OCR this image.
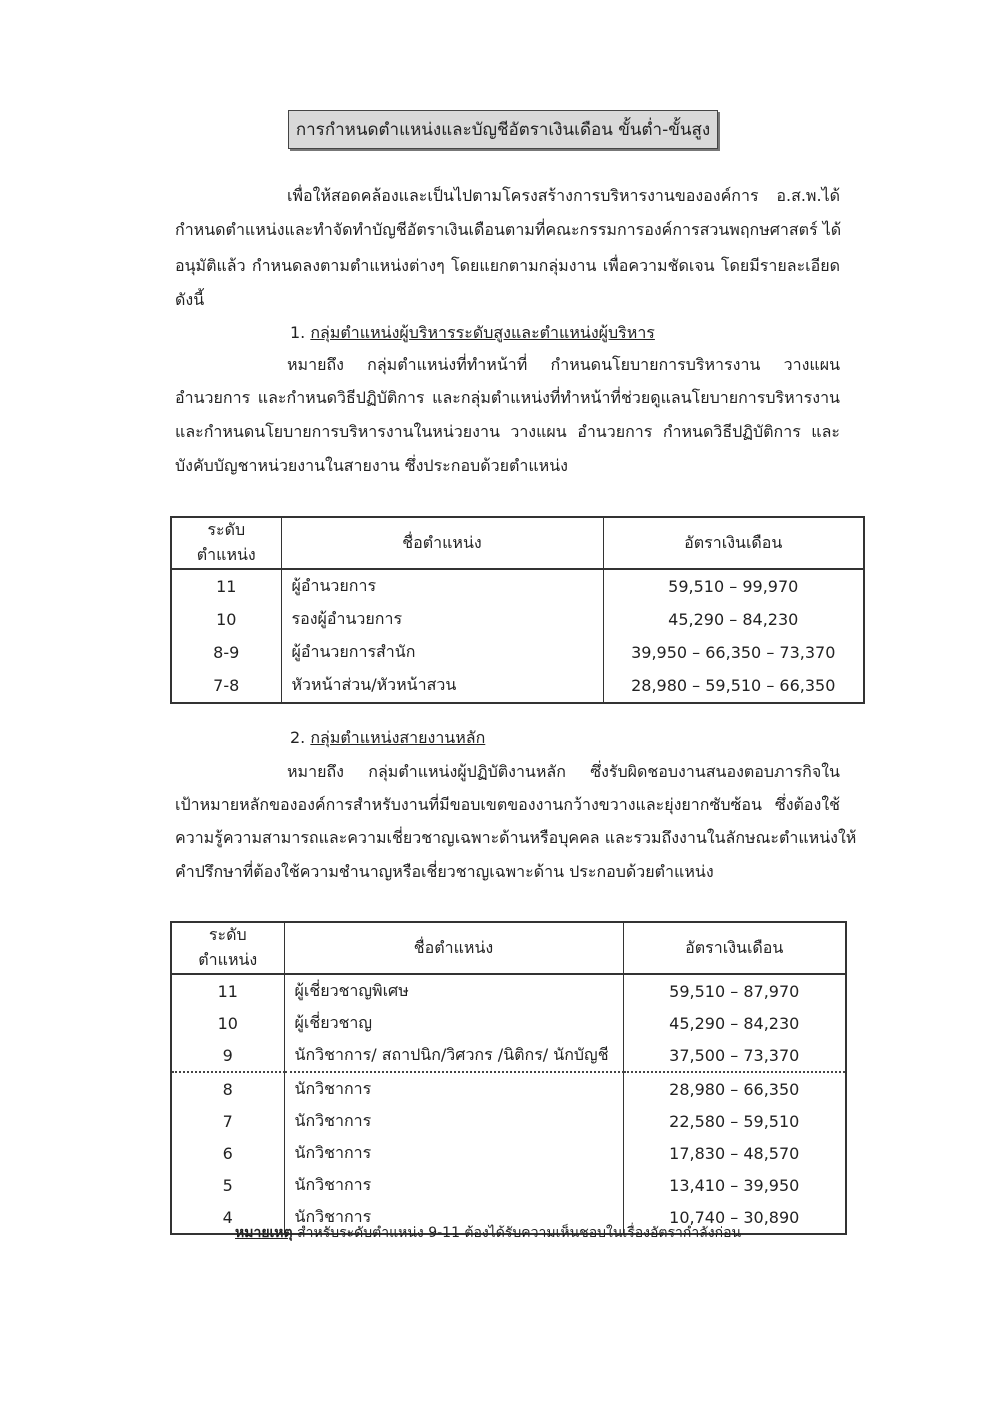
การกำหนดตำแหน่งและบัญชีอัตราเงินเดือน ขั้นต่ำ-ขั้นสูง
เพื่อให้สอดคล้องและเป็นไปตามโครงสร้างการบริหารงานขององค์การ อ.ส.พ.ได้
กำหนดตำแหน่งและทำจัดทำบัญชีอัตราเงินเดือนตามที่คณะกรรมการองค์การสวนพฤกษศาสตร์ ได้
อนุมัติแล้ว กำหนดลงตามตำแหน่งต่างๆ โดยแยกตามกลุ่มงาน เพื่อความชัดเจน โดยมีรายละเอียด
ดังนี้
1. กลุ่มตำแหน่งผู้บริหารระดับสูงและตำแหน่งผู้บริหาร
หมายถึง กลุ่มตำแหน่งที่ทำหน้าที่ กำหนดนโยบายการบริหารงาน วางแผน
อำนวยการ และกำหนดวิธีปฏิบัติการ และกลุ่มตำแหน่งที่ทำหน้าที่ช่วยดูแลนโยบายการบริหารงาน
และกำหนดนโยบายการบริหารงานในหน่วยงาน วางแผน อำนวยการ กำหนดวิธีปฏิบัติการ และ
บังคับบัญชาหน่วยงานในสายงาน ซึ่งประกอบด้วยตำแหน่ง
ระดับตำแหน่ง	ชื่อตำแหน่ง	อัตราเงินเดือน
11	ผู้อำนวยการ	59,510 – 99,970
10	รองผู้อำนวยการ	45,290 – 84,230
8-9	ผู้อำนวยการสำนัก	39,950 – 66,350 – 73,370
7-8	หัวหน้าส่วน/หัวหน้าสวน	28,980 – 59,510 – 66,350
2. กลุ่มตำแหน่งสายงานหลัก
หมายถึง กลุ่มตำแหน่งผู้ปฏิบัติงานหลัก ซึ่งรับผิดชอบงานสนองตอบภารกิจใน
เป้าหมายหลักขององค์การสำหรับงานที่มีขอบเขตของงานกว้างขวางและยุ่งยากซับซ้อน ซึ่งต้องใช้
ความรู้ความสามารถและความเชี่ยวชาญเฉพาะด้านหรือบุคคล และรวมถึงงานในลักษณะตำแหน่งให้
คำปรึกษาที่ต้องใช้ความชำนาญหรือเชี่ยวชาญเฉพาะด้าน ประกอบด้วยตำแหน่ง
ระดับตำแหน่ง	ชื่อตำแหน่ง	อัตราเงินเดือน
11	ผู้เชี่ยวชาญพิเศษ	59,510 – 87,970
10	ผู้เชี่ยวชาญ	45,290 – 84,230
9	นักวิชาการ/ สถาปนิก/วิศวกร /นิติกร/ นักบัญชี	37,500 – 73,370
8	นักวิชาการ	28,980 – 66,350
7	นักวิชาการ	22,580 – 59,510
6	นักวิชาการ	17,830 – 48,570
5	นักวิชาการ	13,410 – 39,950
4	นักวิชาการ	10,740 – 30,890
หมายเหตุ สำหรับระดับตำแหน่ง 9-11 ต้องได้รับความเห็นชอบในเรื่องอัตรากำลังก่อน
